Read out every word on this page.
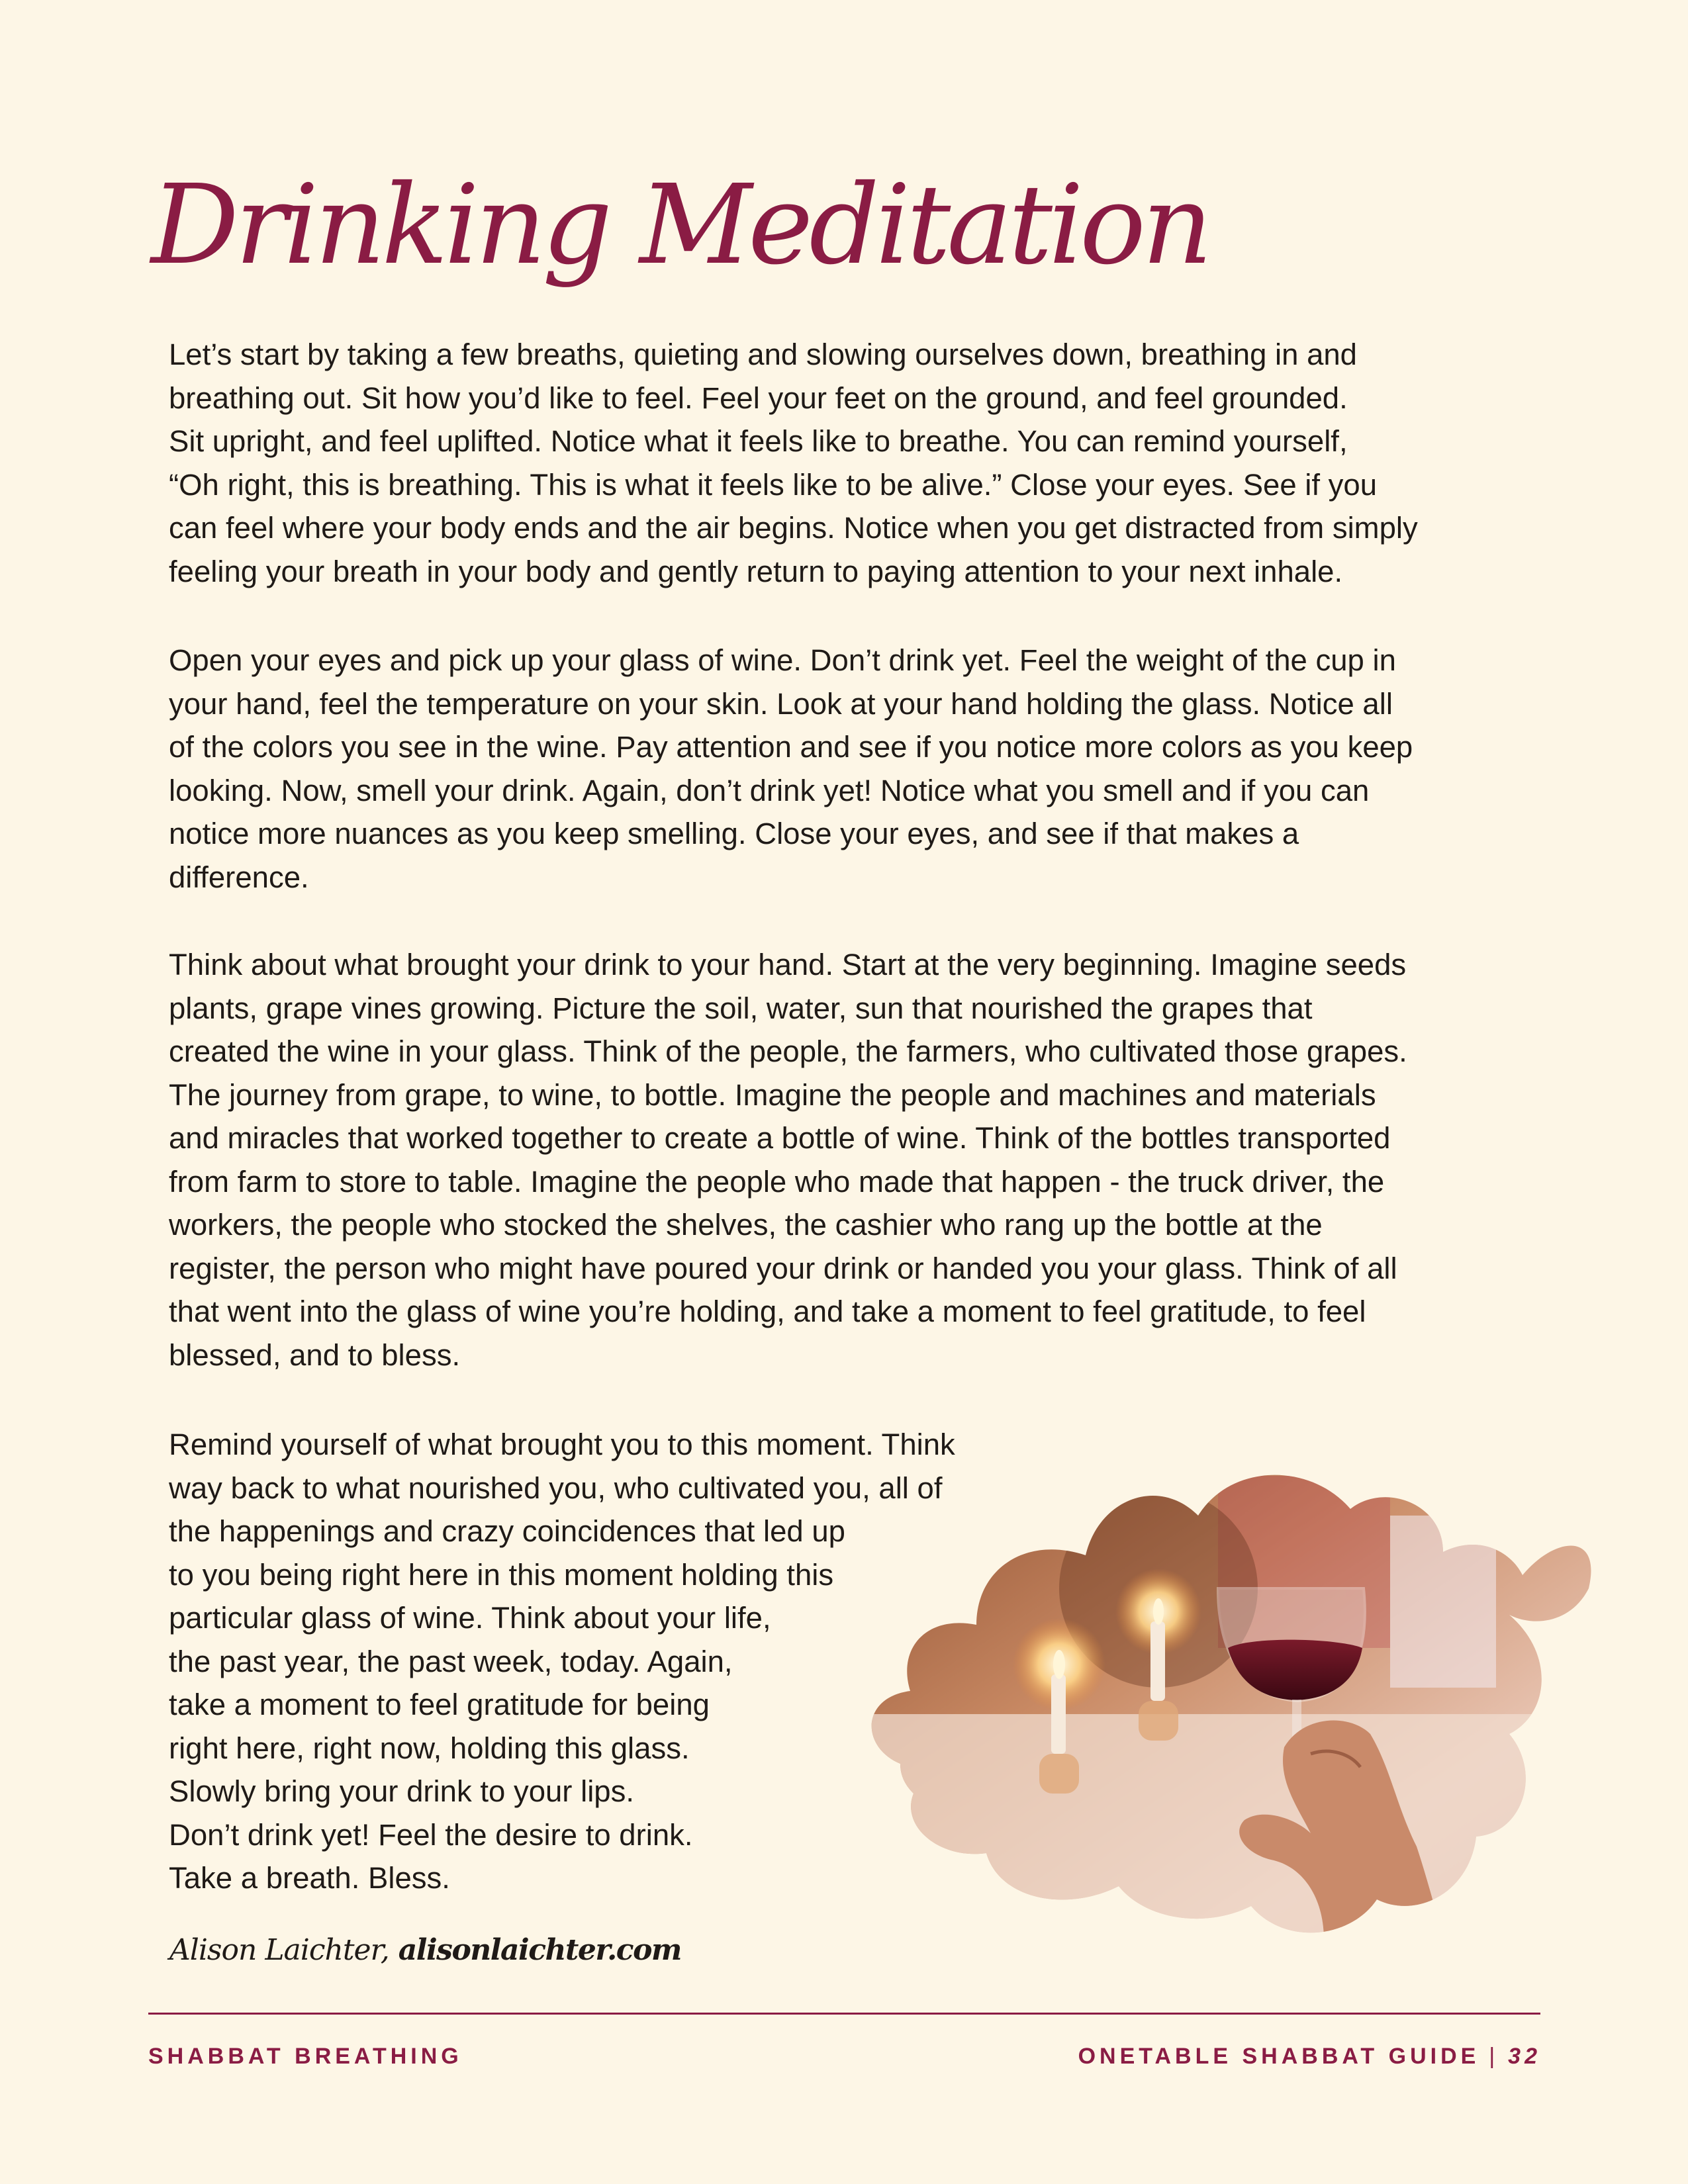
Drinking Meditation

Let’s start by taking a few breaths, quieting and slowing ourselves down, breathing in and
breathing out. Sit how you’d like to feel. Feel your feet on the ground, and feel grounded.
Sit upright, and feel uplifted. Notice what it feels like to breathe. You can remind yourself,
“Oh right, this is breathing. This is what it feels like to be alive.” Close your eyes. See if you
can feel where your body ends and the air begins. Notice when you get distracted from simply
feeling your breath in your body and gently return to paying attention to your next inhale.

Open your eyes and pick up your glass of wine. Don’t drink yet. Feel the weight of the cup in
your hand, feel the temperature on your skin. Look at your hand holding the glass. Notice all
of the colors you see in the wine. Pay attention and see if you notice more colors as you keep
looking. Now, smell your drink. Again, don’t drink yet! Notice what you smell and if you can
notice more nuances as you keep smelling. Close your eyes, and see if that makes a
difference.

Think about what brought your drink to your hand. Start at the very beginning. Imagine seeds
plants, grape vines growing. Picture the soil, water, sun that nourished the grapes that
created the wine in your glass. Think of the people, the farmers, who cultivated those grapes.
The journey from grape, to wine, to bottle. Imagine the people and machines and materials
and miracles that worked together to create a bottle of wine. Think of the bottles transported
from farm to store to table. Imagine the people who made that happen - the truck driver, the
workers, the people who stocked the shelves, the cashier who rang up the bottle at the
register, the person who might have poured your drink or handed you your glass. Think of all
that went into the glass of wine you’re holding, and take a moment to feel gratitude, to feel
blessed, and to bless.

Remind yourself of what brought you to this moment. Think
way back to what nourished you, who cultivated you, all of
the happenings and crazy coincidences that led up
to you being right here in this moment holding this
particular glass of wine. Think about your life,
the past year, the past week, today. Again,
take a moment to feel gratitude for being
right here, right now, holding this glass.
Slowly bring your drink to your lips.
Don’t drink yet! Feel the desire to drink.
Take a breath. Bless.

Alison Laichter, alisonlaichter.com

SHABBAT BREATHING	ONETABLE SHABBAT GUIDE | 32
